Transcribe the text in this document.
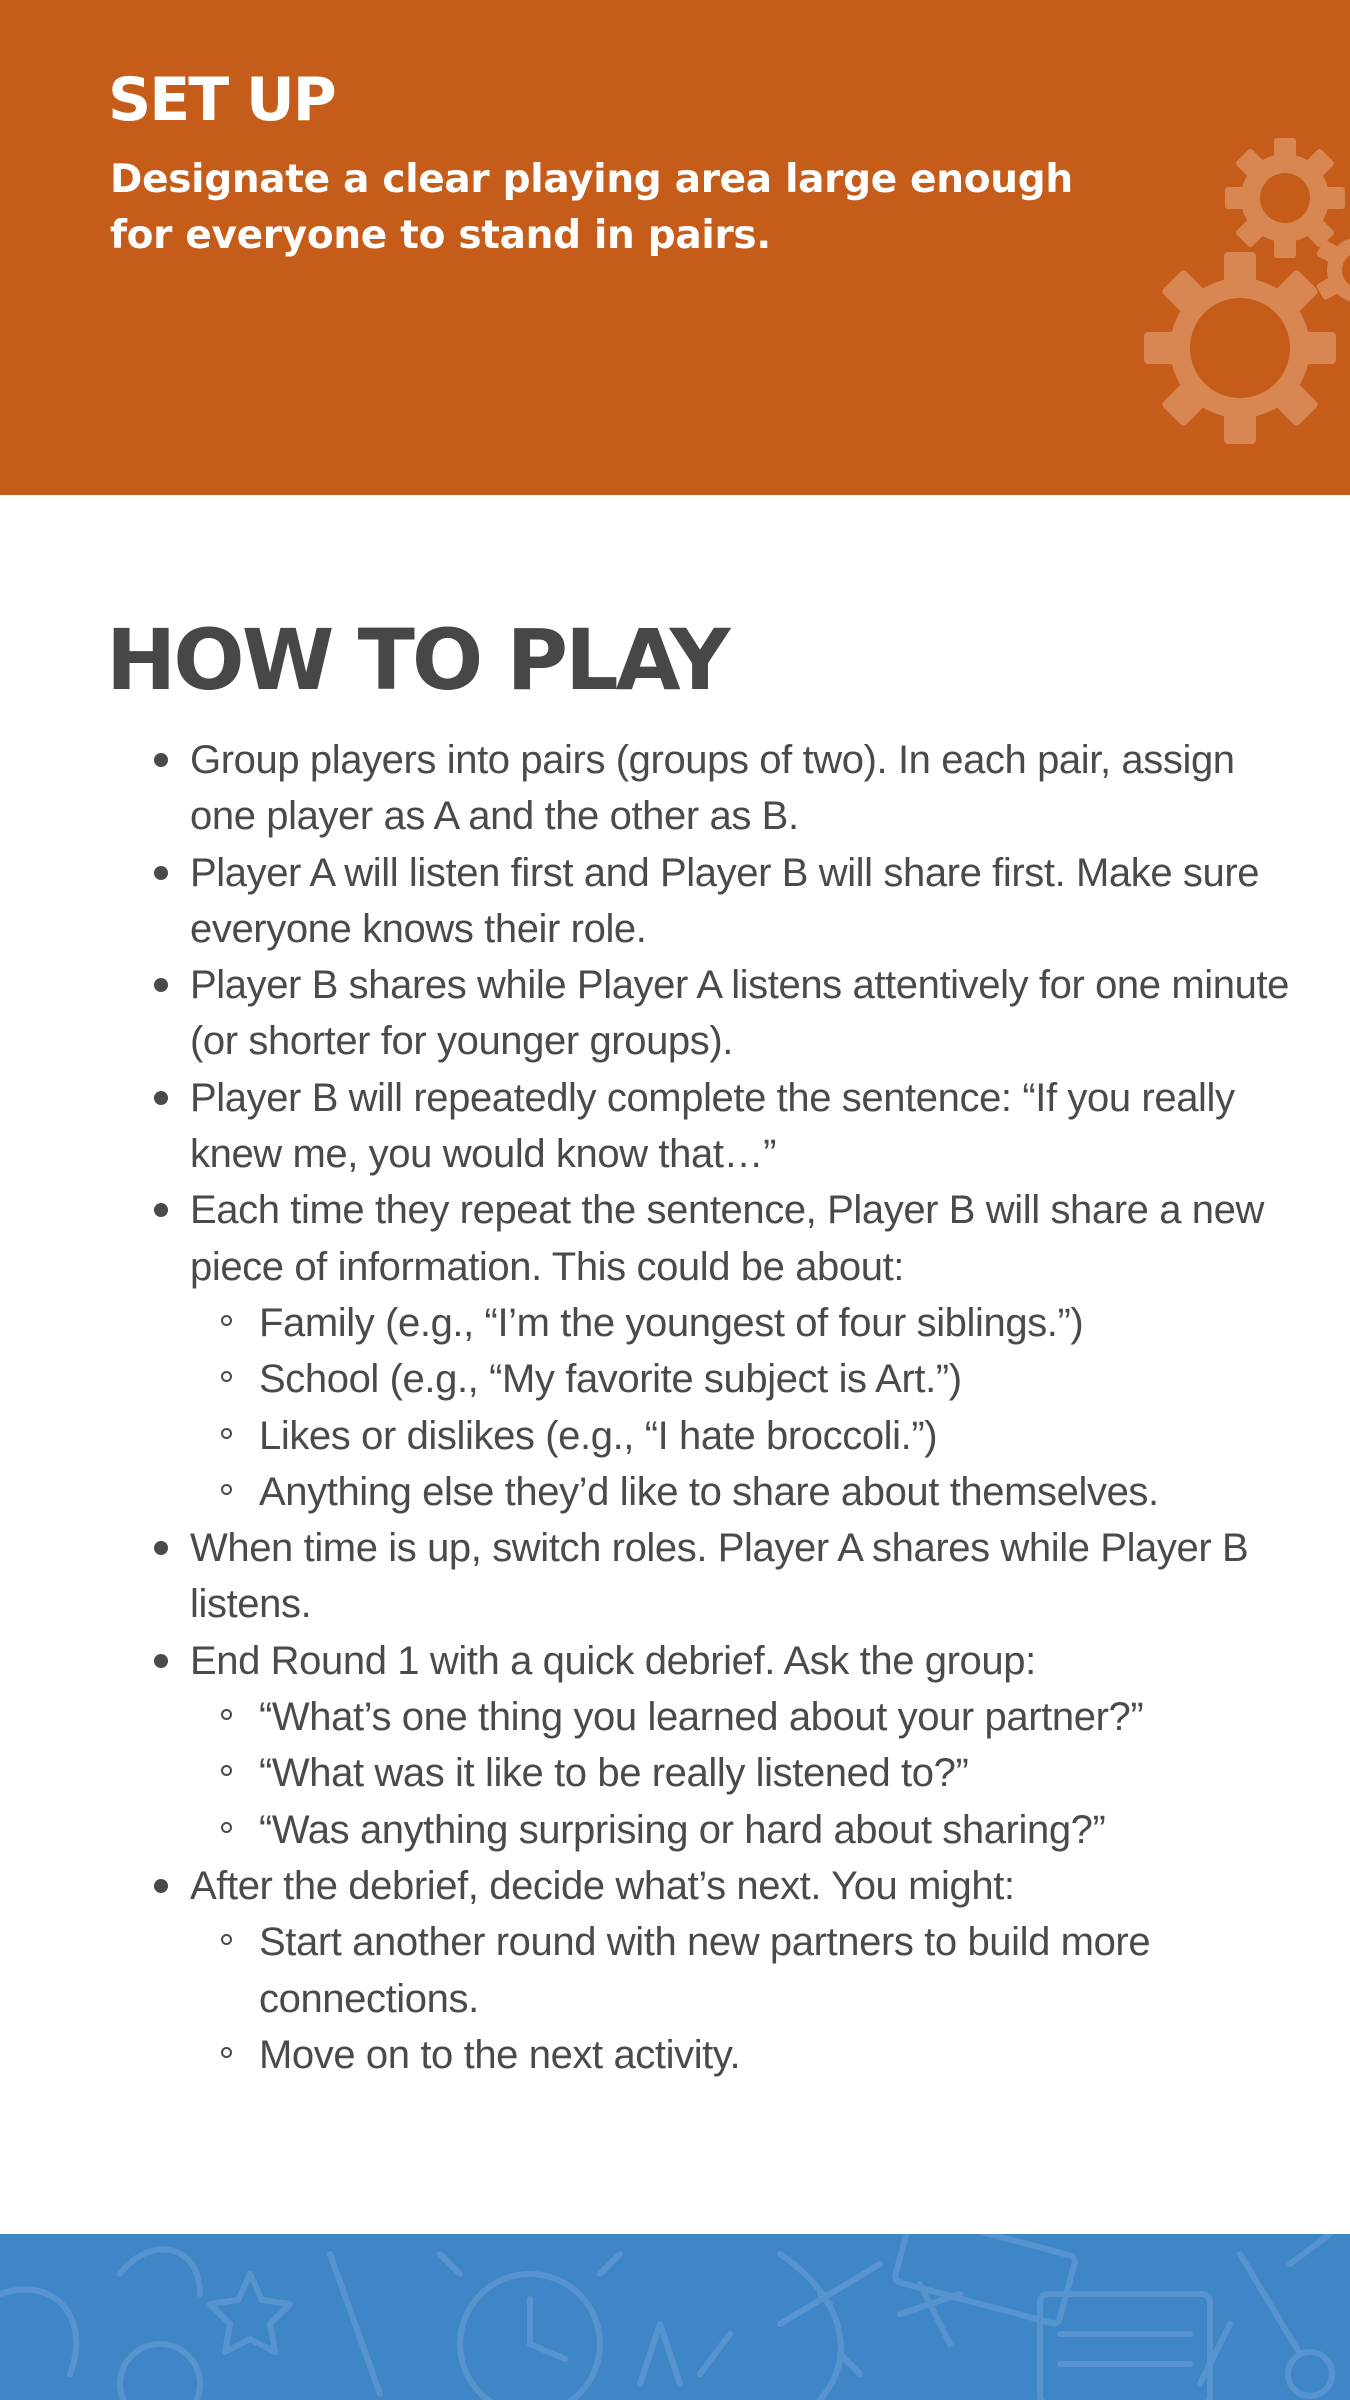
SET UP

Designate a clear playing area large enough for everyone to stand in pairs.

HOW TO PLAY
Group players into pairs (groups of two). In each pair, assign one player as A and the other as B.
Player A will listen first and Player B will share first. Make sure everyone knows their role.
Player B shares while Player A listens attentively for one minute (or shorter for younger groups).
Player B will repeatedly complete the sentence: “If you really knew me, you would know that…”
Each time they repeat the sentence, Player B will share a new piece of information. This could be about:
Family (e.g., “I’m the youngest of four siblings.”)
School (e.g., “My favorite subject is Art.”)
Likes or dislikes (e.g., “I hate broccoli.”)
Anything else they’d like to share about themselves.
When time is up, switch roles. Player A shares while Player B listens.
End Round 1 with a quick debrief. Ask the group:
“What’s one thing you learned about your partner?”
“What was it like to be really listened to?”
“Was anything surprising or hard about sharing?”
After the debrief, decide what’s next. You might:
Start another round with new partners to build more connections.
Move on to the next activity.
